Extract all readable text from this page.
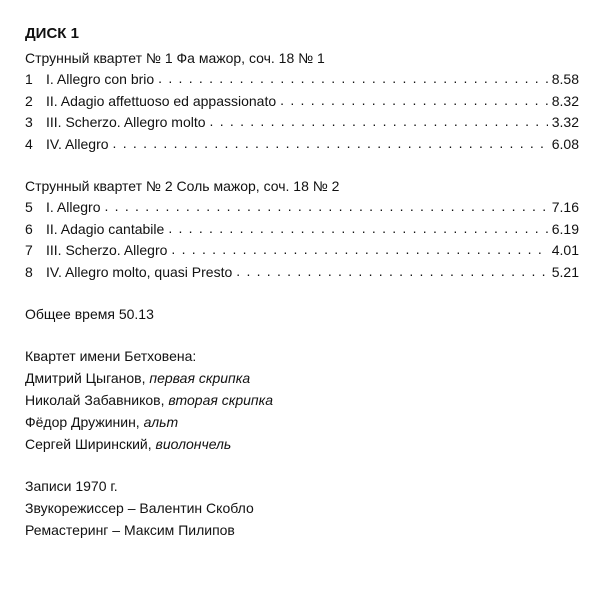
ДИСК 1
Струнный квартет № 1 Фа мажор, соч. 18 № 1
1 I. Allegro con brio . . .	8.58
2 II. Adagio affettuoso ed appassionato . . .	8.32
3 III. Scherzo. Allegro molto . . .	3.32
4 IV. Allegro . . .	6.08
Струнный квартет № 2 Соль мажор, соч. 18 № 2
5 I. Allegro . . .	7.16
6 II. Adagio cantabile . . .	6.19
7 III. Scherzo. Allegro . . .	4.01
8 IV. Allegro molto, quasi Presto . . .	5.21
Общее время 50.13
Квартет имени Бетховена:
Дмитрий Цыганов, первая скрипка
Николай Забавников, вторая скрипка
Фёдор Дружинин, альт
Сергей Ширинский, виолончель
Записи 1970 г.
Звукорежиссер – Валентин Скобло
Ремастеринг – Максим Пилипов
